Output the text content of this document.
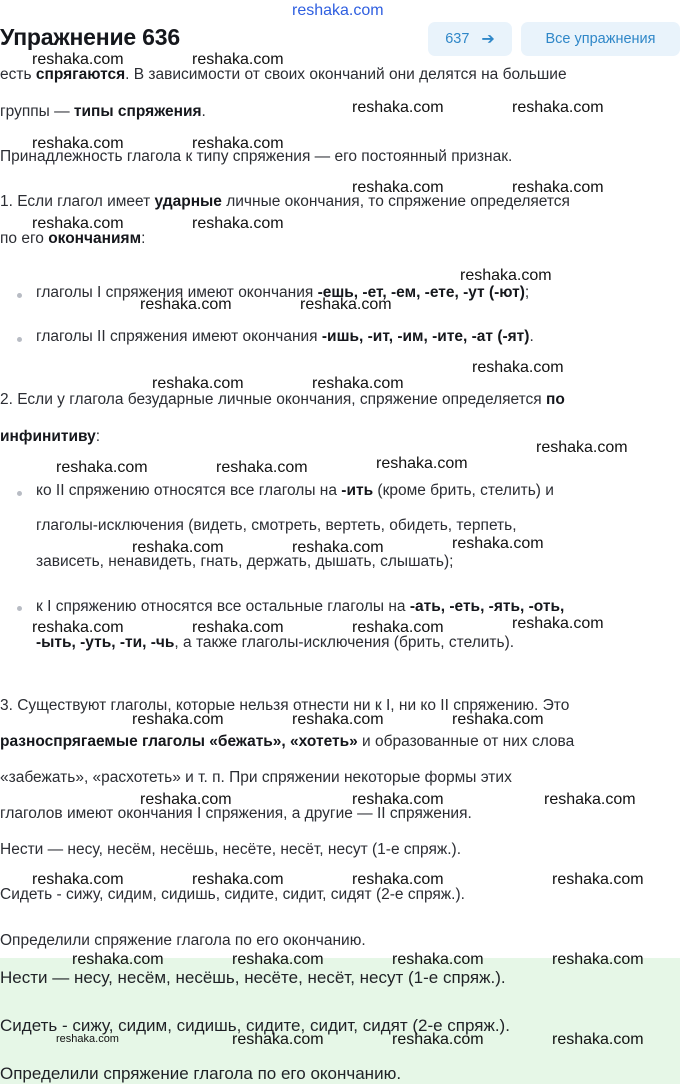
reshaka.com
Упражнение 636	637 ➔	Все упражнения
есть спрягаются. В зависимости от своих окончаний они делятся на большие
группы — типы спряжения.
Принадлежность глагола к типу спряжения — его постоянный признак.
1. Если глагол имеет ударные личные окончания, то спряжение определяется
по его окончаниям:
глаголы I спряжения имеют окончания -ешь, -ет, -ем, -ете, -ут (-ют);
глаголы II спряжения имеют окончания -ишь, -ит, -им, -ите, -ат (-ят).
2. Если у глагола безударные личные окончания, спряжение определяется по
инфинитиву:
ко II спряжению относятся все глаголы на -ить (кроме брить, стелить) и
глаголы-исключения (видеть, смотреть, вертеть, обидеть, терпеть,
зависеть, ненавидеть, гнать, держать, дышать, слышать);
к I спряжению относятся все остальные глаголы на -ать, -еть, -ять, -оть,
-ыть, -уть, -ти, -чь, а также глаголы-исключения (брить, стелить).
3. Существуют глаголы, которые нельзя отнести ни к I, ни ко II спряжению. Это
разноспрягаемые глаголы «бежать», «хотеть» и образованные от них слова
«забежать», «расхотеть» и т. п. При спряжении некоторые формы этих
глаголов имеют окончания I спряжения, а другие — II спряжения.
Нести — несу, несём, несёшь, несёте, несёт, несут (1-е спряж.).
Сидеть - сижу, сидим, сидишь, сидите, сидит, сидят (2-е спряж.).
Определили спряжение глагола по его окончанию.
Нести — несу, несём, несёшь, несёте, несёт, несут (1-е спряж.).
Сидеть - сижу, сидим, сидишь, сидите, сидит, сидят (2-е спряж.).
Определили спряжение глагола по его окончанию.
reshaka.com	reshaka.com
reshaka.com	reshaka.com
reshaka.com	reshaka.com
reshaka.com	reshaka.com
reshaka.com	reshaka.com
reshaka.com
reshaka.com	reshaka.com
reshaka.com
reshaka.com	reshaka.com
reshaka.com
reshaka.com
reshaka.com	reshaka.com
reshaka.com
reshaka.com	reshaka.com
reshaka.com
reshaka.com	reshaka.com	reshaka.com
reshaka.com	reshaka.com	reshaka.com
reshaka.com	reshaka.com	reshaka.com
reshaka.com	reshaka.com	reshaka.com	reshaka.com
reshaka.com	reshaka.com	reshaka.com	reshaka.com
reshaka.com	reshaka.com	reshaka.com	reshaka.com
